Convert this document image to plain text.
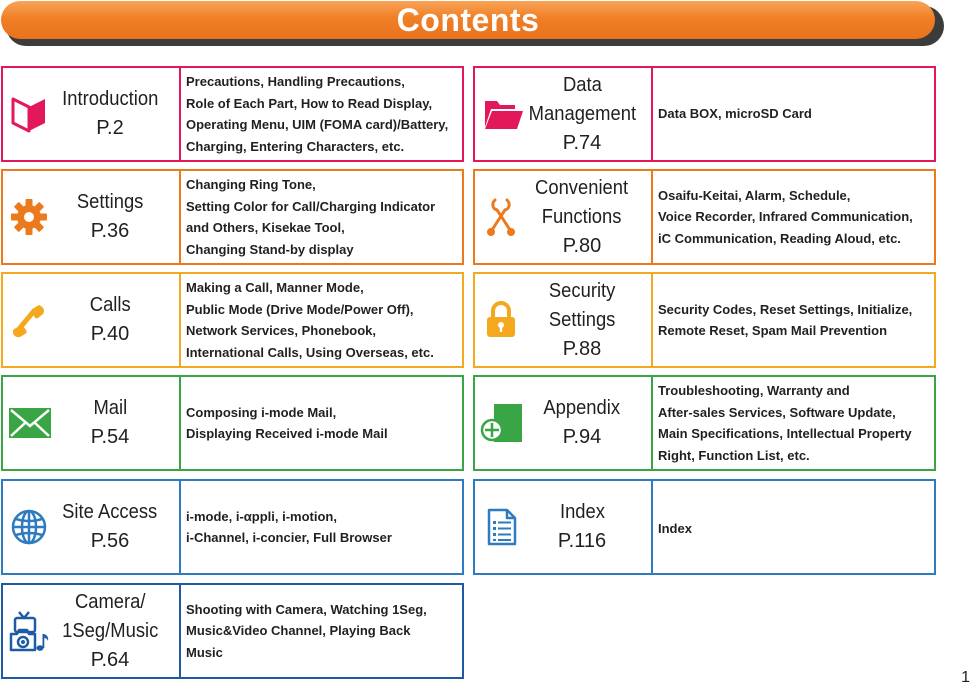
Contents
Introduction
P.2
Precautions, Handling Precautions,
Role of Each Part, How to Read Display,
Operating Menu, UIM (FOMA card)/Battery,
Charging, Entering Characters, etc.
Settings
P.36
Changing Ring Tone,
Setting Color for Call/Charging Indicator
and Others, Kisekae Tool,
Changing Stand-by display
Calls
P.40
Making a Call, Manner Mode,
Public Mode (Drive Mode/Power Off),
Network Services, Phonebook,
International Calls, Using Overseas, etc.
Mail
P.54
Composing i-mode Mail,
Displaying Received i-mode Mail
Site Access
P.56
i-mode, i-αppli, i-motion,
i-Channel, i-concier, Full Browser
Camera/
1Seg/Music
P.64
Shooting with Camera, Watching 1Seg,
Music&Video Channel, Playing Back
Music
Data
Management
P.74
Data BOX, microSD Card
Convenient
Functions
P.80
Osaifu-Keitai, Alarm, Schedule,
Voice Recorder, Infrared Communication,
iC Communication, Reading Aloud, etc.
Security
Settings
P.88
Security Codes, Reset Settings, Initialize,
Remote Reset, Spam Mail Prevention
Appendix
P.94
Troubleshooting, Warranty and
After-sales Services, Software Update,
Main Specifications, Intellectual Property
Right, Function List, etc.
Index
P.116
Index
1
